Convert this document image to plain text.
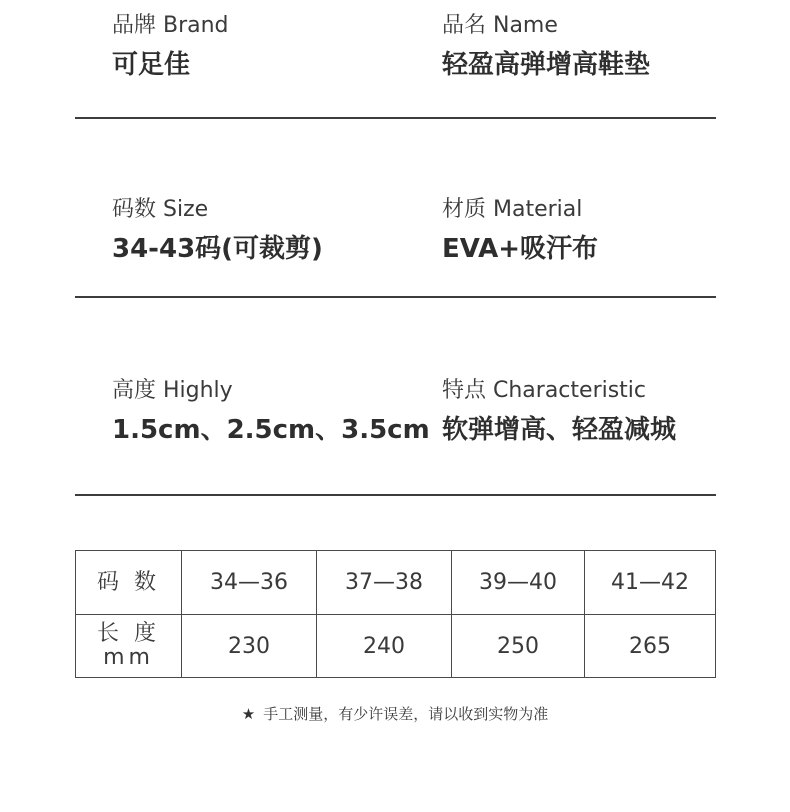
品牌 Brand
可足佳
品名 Name
轻盈高弹增高鞋垫
码数 Size
34-43码(可裁剪)
材质 Material
EVA+吸汗布
高度 Highly
1.5cm、2.5cm、3.5cm
特点 Characteristic
软弹增高、轻盈减城
码 数	34—36	37—38	39—40	41—42

长 度
mm	230	240	250	265
★ 手工测量，有少许误差，请以收到实物为准
